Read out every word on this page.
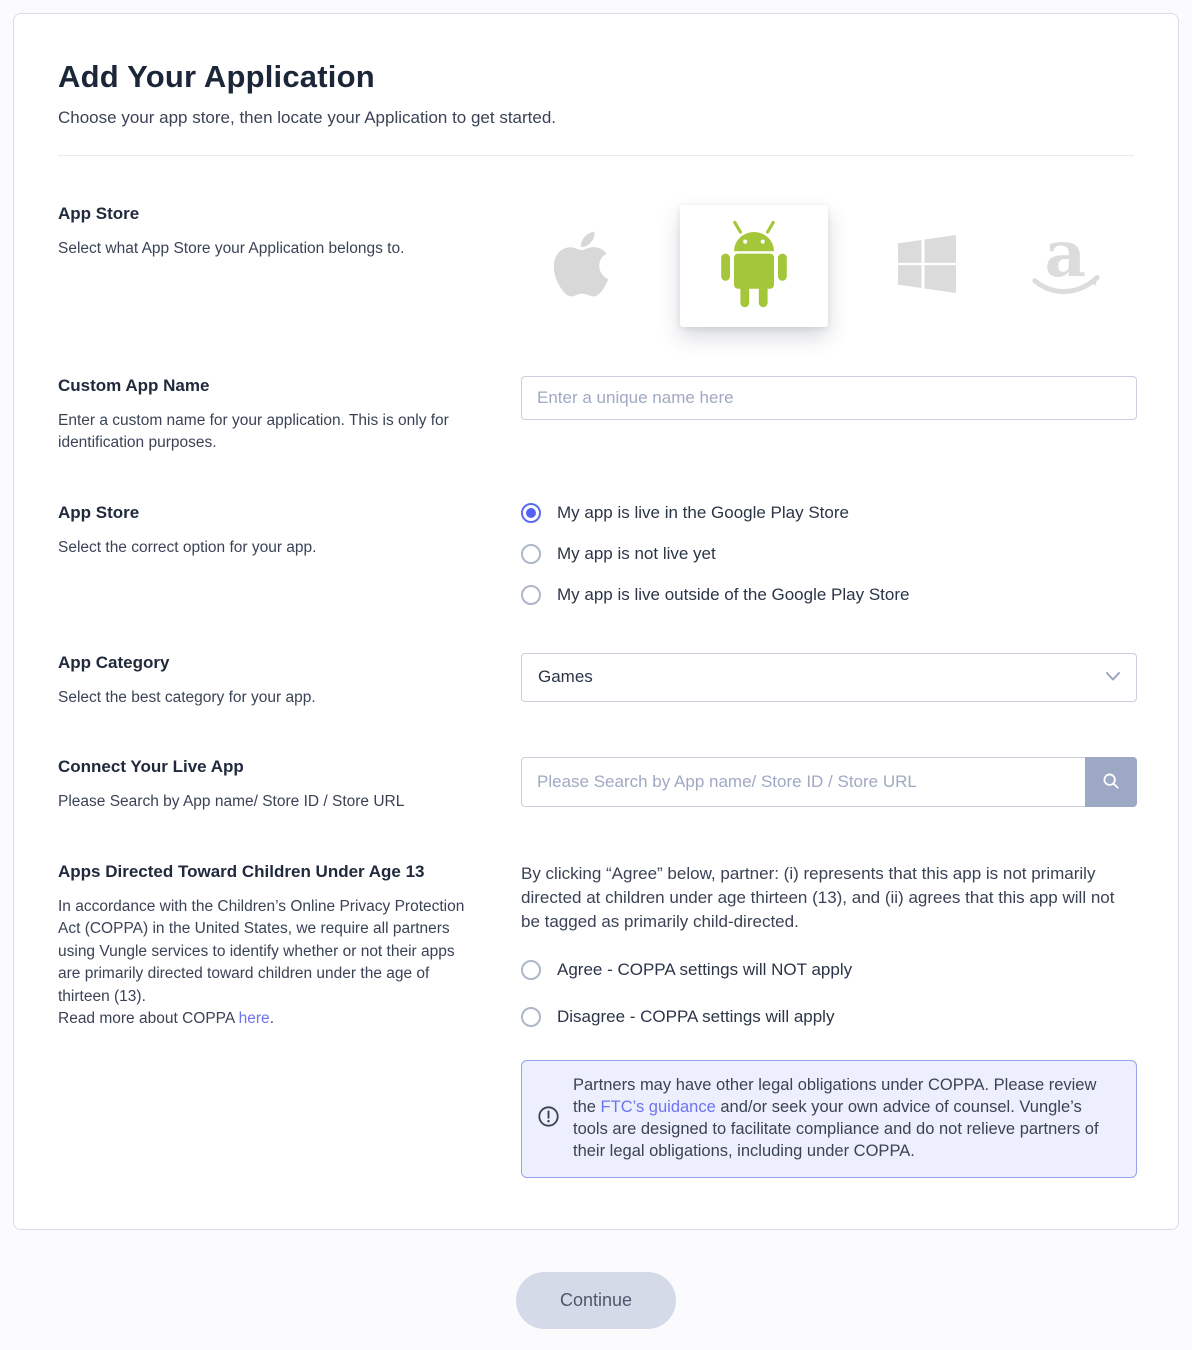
Add Your Application
Choose your app store, then locate your Application to get started.
App Store
Select what App Store your Application belongs to.	a
Custom App Name
Enter a custom name for your application. This is only for identification purposes.
Enter a unique name here
App Store
Select the correct option for your app.
My app is live in the Google Play Store
My app is not live yet
My app is live outside of the Google Play Store
App Category
Select the best category for your app.
Games
Connect Your Live App
Please Search by App name/ Store ID / Store URL
Please Search by App name/ Store ID / Store URL
Apps Directed Toward Children Under Age 13
In accordance with the Children’s Online Privacy Protection Act (COPPA) in the United States, we require all partners using Vungle services to identify whether or not their apps are primarily directed toward children under the age of thirteen (13).
Read more about COPPA here.
By clicking “Agree” below, partner: (i) represents that this app is not primarily directed at children under age thirteen (13), and (ii) agrees that this app will not be tagged as primarily child-directed.
Agree - COPPA settings will NOT apply
Disagree - COPPA settings will apply
Partners may have other legal obligations under COPPA. Please review the FTC’s guidance and/or seek your own advice of counsel. Vungle’s tools are designed to facilitate compliance and do not relieve partners of their legal obligations, including under COPPA.
Continue
